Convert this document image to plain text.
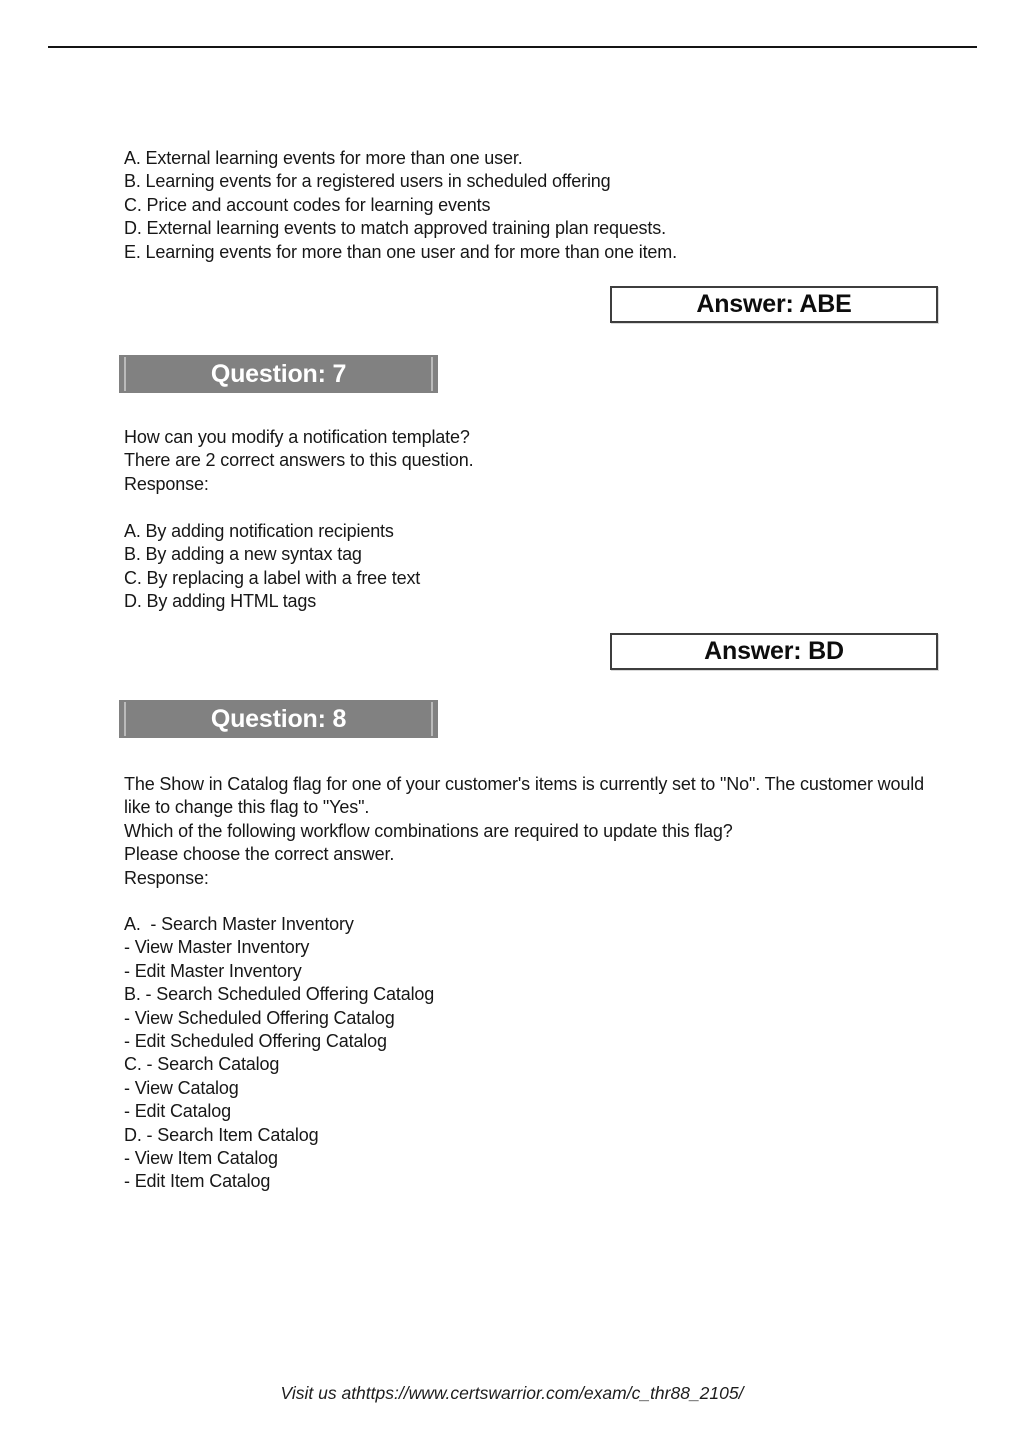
A. External learning events for more than one user.
B. Learning events for a registered users in scheduled offering
C. Price and account codes for learning events
D. External learning events to match approved training plan requests.
E. Learning events for more than one user and for more than one item.
Answer: ABE
Question: 7
How can you modify a notification template?
There are 2 correct answers to this question.
Response:
A. By adding notification recipients
B. By adding a new syntax tag
C. By replacing a label with a free text
D. By adding HTML tags
Answer: BD
Question: 8
The Show in Catalog flag for one of your customer's items is currently set to "No". The customer would
like to change this flag to "Yes".
Which of the following workflow combinations are required to update this flag?
Please choose the correct answer.
Response:
A.  - Search Master Inventory
- View Master Inventory
- Edit Master Inventory
B. - Search Scheduled Offering Catalog
- View Scheduled Offering Catalog
- Edit Scheduled Offering Catalog
C. - Search Catalog
- View Catalog
- Edit Catalog
D. - Search Item Catalog
- View Item Catalog
- Edit Item Catalog
Visit us athttps://www.certswarrior.com/exam/c_thr88_2105/
